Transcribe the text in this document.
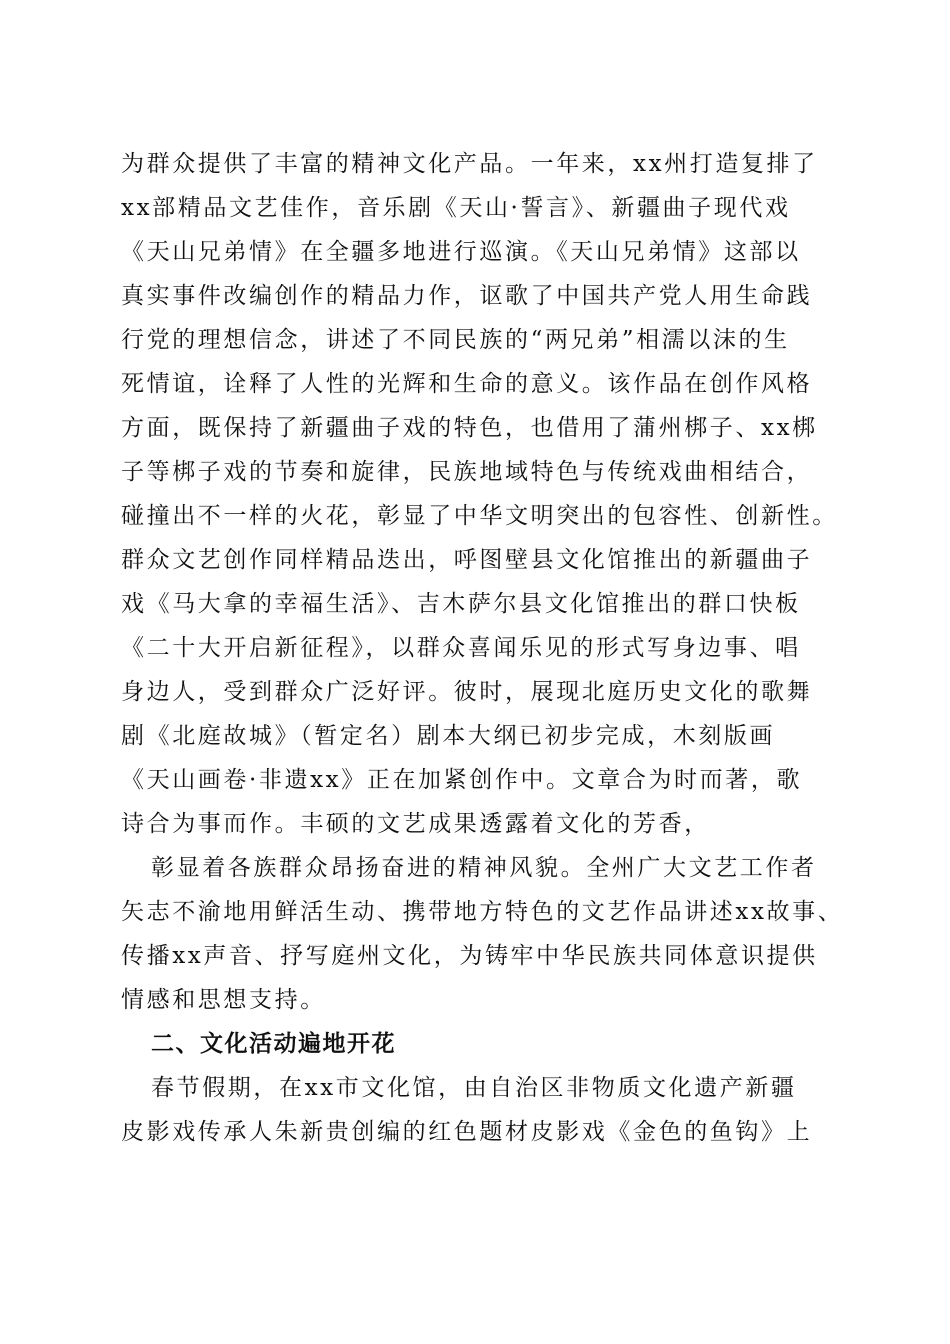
为群众提供了丰富的精神文化产品。一年来，xx州打造复排了
xx部精品文艺佳作，音乐剧《天山·誓言》、新疆曲子现代戏
《天山兄弟情》在全疆多地进行巡演。《天山兄弟情》这部以
真实事件改编创作的精品力作，讴歌了中国共产党人用生命践
行党的理想信念，讲述了不同民族的“两兄弟”相濡以沫的生
死情谊，诠释了人性的光辉和生命的意义。该作品在创作风格
方面，既保持了新疆曲子戏的特色，也借用了蒲州梆子、xx梆
子等梆子戏的节奏和旋律，民族地域特色与传统戏曲相结合，
碰撞出不一样的火花，彰显了中华文明突出的包容性、创新性。
群众文艺创作同样精品迭出，呼图壁县文化馆推出的新疆曲子
戏《马大拿的幸福生活》、吉木萨尔县文化馆推出的群口快板
《二十大开启新征程》，以群众喜闻乐见的形式写身边事、唱
身边人，受到群众广泛好评。彼时，展现北庭历史文化的歌舞
剧《北庭故城》（暂定名）剧本大纲已初步完成，木刻版画
《天山画卷·非遗xx》正在加紧创作中。文章合为时而著，歌
诗合为事而作。丰硕的文艺成果透露着文化的芳香，
彰显着各族群众昂扬奋进的精神风貌。全州广大文艺工作者
矢志不渝地用鲜活生动、携带地方特色的文艺作品讲述xx故事、
传播xx声音、抒写庭州文化，为铸牢中华民族共同体意识提供
情感和思想支持。
二、文化活动遍地开花
春节假期，在xx市文化馆，由自治区非物质文化遗产新疆
皮影戏传承人朱新贵创编的红色题材皮影戏《金色的鱼钩》上
